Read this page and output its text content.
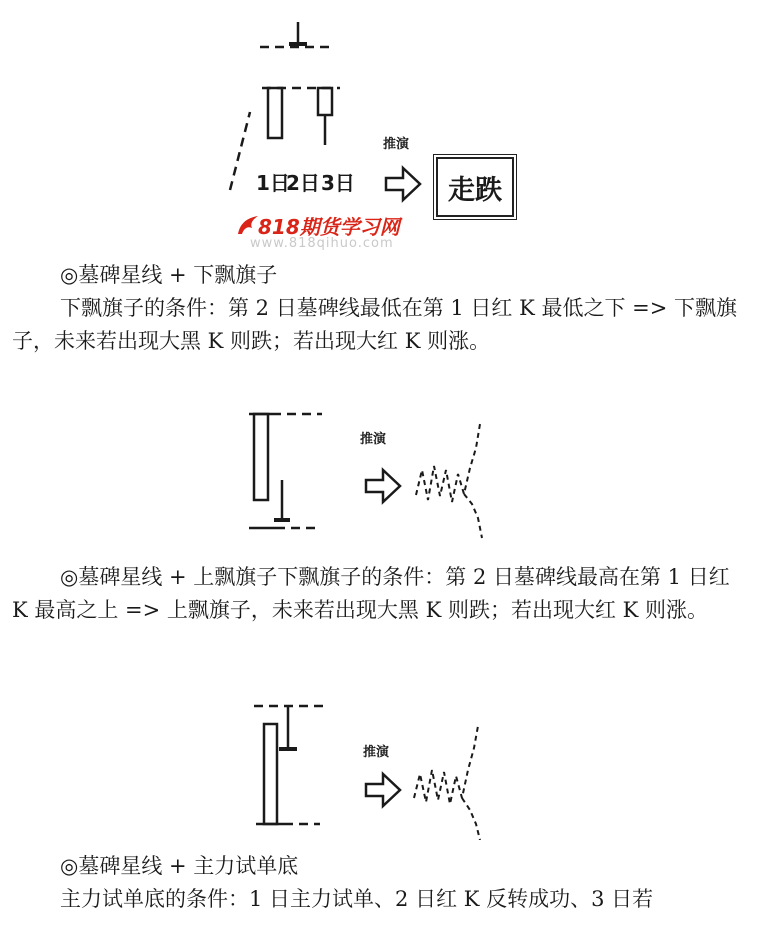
推演
1日
2日 3日	走跌
818期货学习网
www.818qihuo.com

◎墓碑星线 + 下飘旗子

下飘旗子的条件：第 2 日墓碑线最低在第 1 日红 K 最低之下 => 下飘旗子，未来若出现大黑 K 则跌；若出现大红 K 则涨。

推演

◎墓碑星线 + 上飘旗子下飘旗子的条件：第 2 日墓碑线最高在第 1 日红 K 最高之上 => 上飘旗子，未来若出现大黑 K 则跌；若出现大红 K 则涨。

推演

◎墓碑星线 + 主力试单底

主力试单底的条件：1 日主力试单、2 日红 K 反转成功、3 日若
